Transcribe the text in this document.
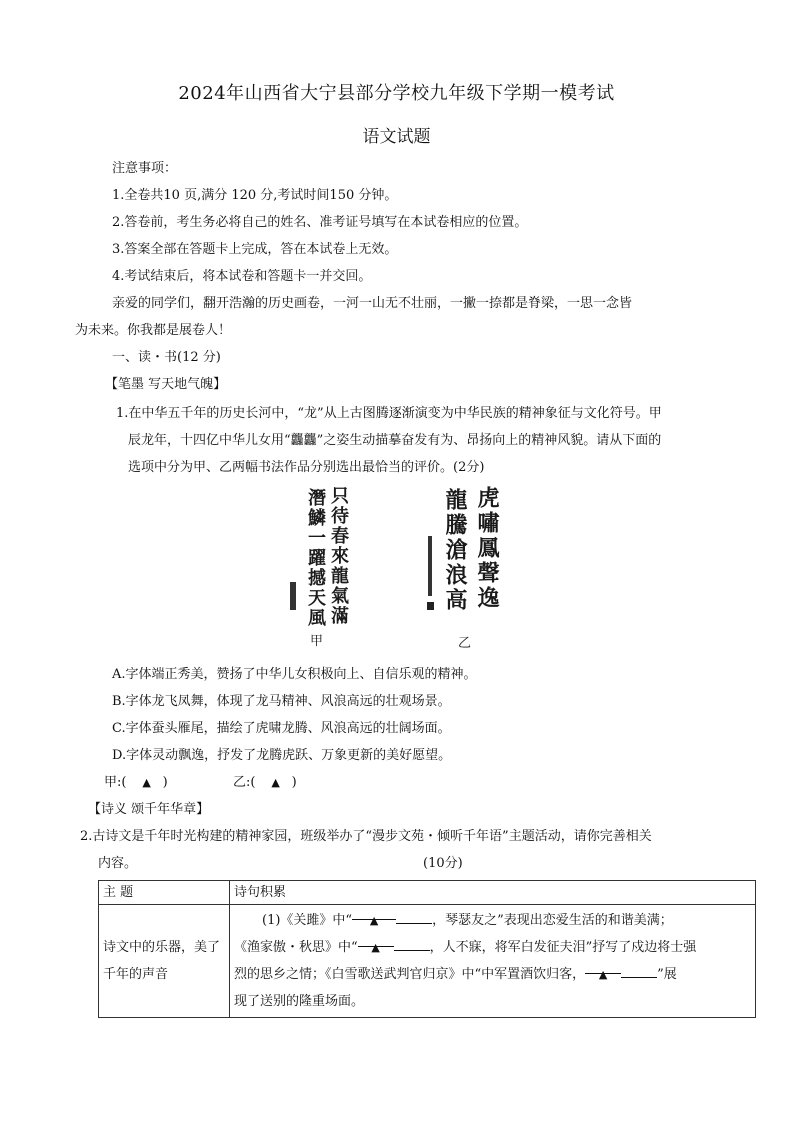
2024年山西省大宁县部分学校九年级下学期一模考试
语文试题
注意事项：
1.全卷共10 页,满分 120 分,考试时间150 分钟。
2.答卷前，考生务必将自己的姓名、准考证号填写在本试卷相应的位置。
3.答案全部在答题卡上完成，答在本试卷上无效。
4.考试结束后，将本试卷和答题卡一并交回。
亲爱的同学们，翻开浩瀚的历史画卷，一河一山无不壮丽，一撇一捺都是脊梁，一思一念皆
为未来。你我都是展卷人！
一、读・书(12 分)
【笔墨 写天地气魄】
1.在中华五千年的历史长河中，“龙”从上古图腾逐渐演变为中华民族的精神象征与文化符号。甲
辰龙年，十四亿中华儿女用“龘龘”之姿生动描摹奋发有为、昂扬向上的精神风貌。请从下面的
选项中分为甲、乙两幅书法作品分别选出最恰当的评价。(2分)
只待春來龍氣滿
潛鱗一躍撼天風
甲
虎嘯鳳聲逸
龍騰滄浪高
乙
A.字体端正秀美，赞扬了中华儿女积极向上、自信乐观的精神。
B.字体龙飞凤舞，体现了龙马精神、风浪高远的壮观场景。
C.字体蚕头雁尾，描绘了虎啸龙腾、风浪高远的壮阔场面。
D.字体灵动飘逸，抒发了龙腾虎跃、万象更新的美好愿望。
甲:( ▲ )	乙:( ▲ )
【诗义 颂千年华章】
2.古诗文是千年时光构建的精神家园，班级举办了“漫步文苑・倾听千年语”主题活动，请你完善相关
内容。	(10分)
主 题	诗句积累
诗文中的乐器，美了千年的声音	(1)《关雎》中“ ▲ ，琴瑟友之”表现出恋爱生活的和谐美满；
《渔家傲・秋思》中“ ▲ ，人不寐，将军白发征夫泪”抒写了戍边将士强
烈的思乡之情；《白雪歌送武判官归京》中“中军置酒饮归客， ▲ ”展
现了送别的隆重场面。
